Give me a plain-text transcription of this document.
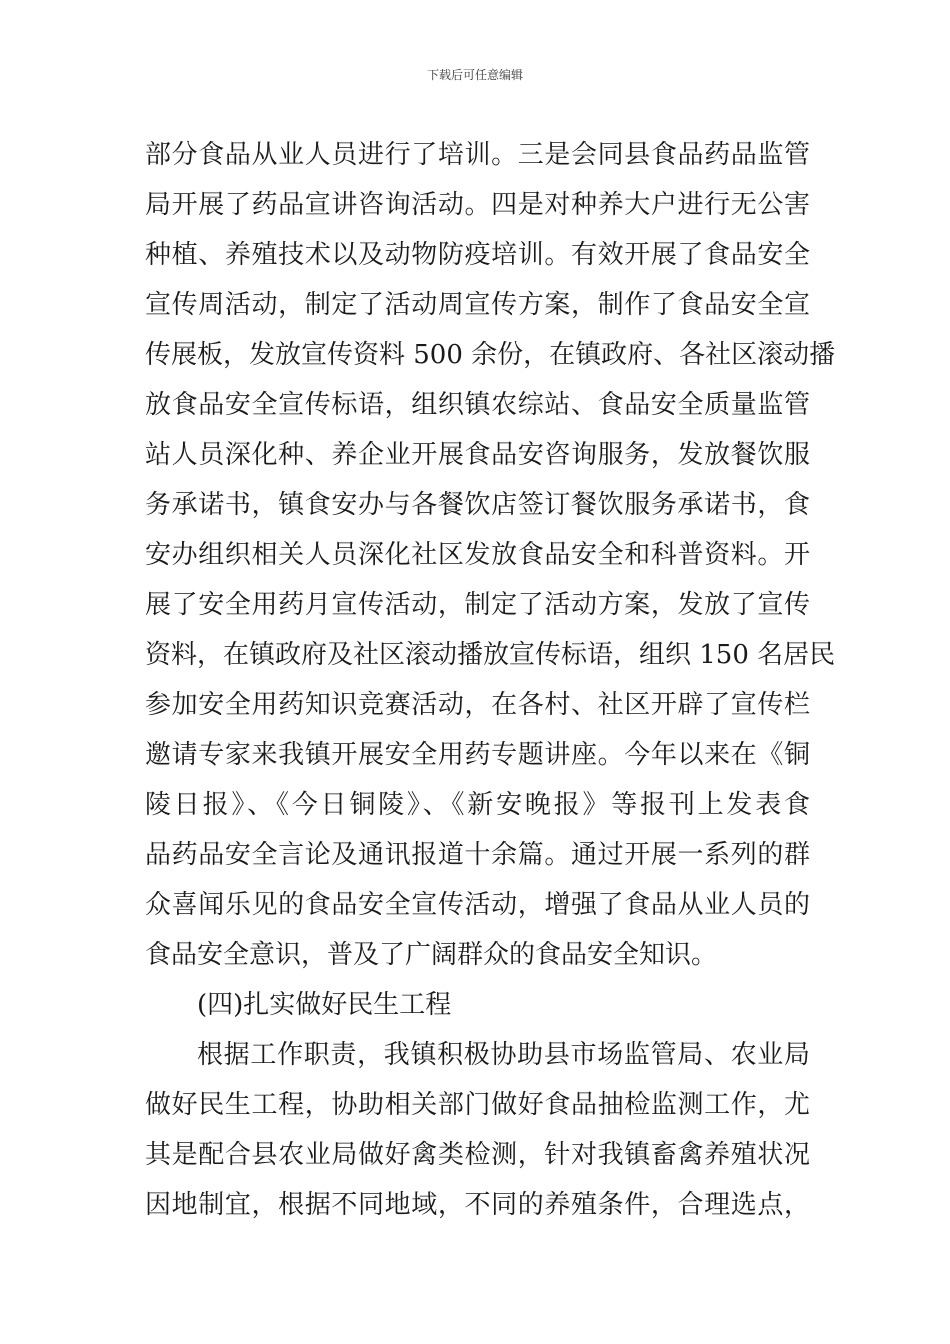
下载后可任意编辑
部分食品从业人员进行了培训。三是会同县食品药品监管
局开展了药品宣讲咨询活动。四是对种养大户进行无公害
种植、养殖技术以及动物防疫培训。有效开展了食品安全
宣传周活动，制定了活动周宣传方案，制作了食品安全宣
传展板，发放宣传资料 500 余份，在镇政府、各社区滚动播
放食品安全宣传标语，组织镇农综站、食品安全质量监管
站人员深化种、养企业开展食品安咨询服务，发放餐饮服
务承诺书，镇食安办与各餐饮店签订餐饮服务承诺书，食
安办组织相关人员深化社区发放食品安全和科普资料。开
展了安全用药月宣传活动，制定了活动方案，发放了宣传
资料，在镇政府及社区滚动播放宣传标语，组织 150 名居民
参加安全用药知识竞赛活动，在各村、社区开辟了宣传栏
邀请专家来我镇开展安全用药专题讲座。今年以来在《铜
陵日报》、《今日铜陵》、《新安晚报》等报刊上发表食
品药品安全言论及通讯报道十余篇。通过开展一系列的群
众喜闻乐见的食品安全宣传活动，增强了食品从业人员的
食品安全意识，普及了广阔群众的食品安全知识。
(四)扎实做好民生工程
根据工作职责，我镇积极协助县市场监管局、农业局
做好民生工程，协助相关部门做好食品抽检监测工作，尤
其是配合县农业局做好禽类检测，针对我镇畜禽养殖状况
因地制宜，根据不同地域，不同的养殖条件，合理选点，
